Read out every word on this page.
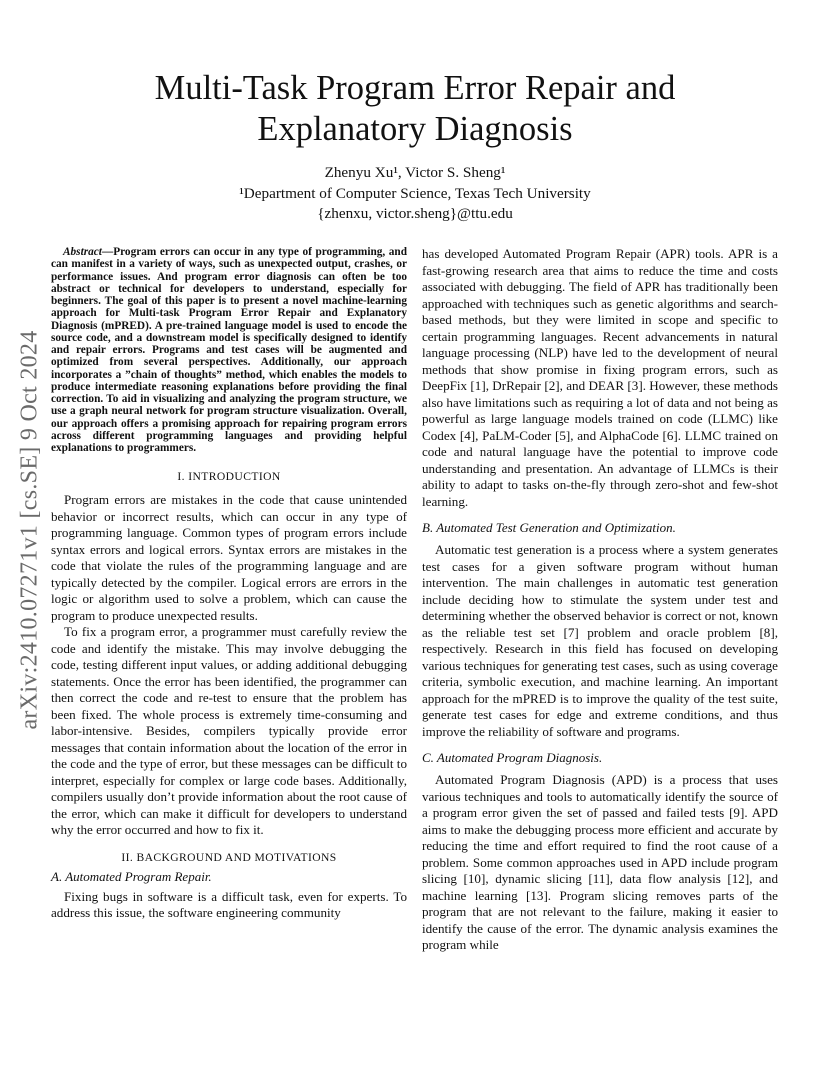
Multi-Task Program Error Repair and Explanatory Diagnosis
Zhenyu Xu¹, Victor S. Sheng¹
¹Department of Computer Science, Texas Tech University
{zhenxu, victor.sheng}@ttu.edu
arXiv:2410.07271v1 [cs.SE] 9 Oct 2024

Abstract—Program errors can occur in any type of programming, and can manifest in a variety of ways, such as unexpected output, crashes, or performance issues. And program error diagnosis can often be too abstract or technical for developers to understand, especially for beginners. The goal of this paper is to present a novel machine-learning approach for Multi-task Program Error Repair and Explanatory Diagnosis (mPRED). A pre-trained language model is used to encode the source code, and a downstream model is specifically designed to identify and repair errors. Programs and test cases will be augmented and optimized from several perspectives. Additionally, our approach incorporates a ”chain of thoughts” method, which enables the models to produce intermediate reasoning explanations before providing the final correction. To aid in visualizing and analyzing the program structure, we use a graph neural network for program structure visualization. Overall, our approach offers a promising approach for repairing program errors across different programming languages and providing helpful explanations to programmers.

I. INTRODUCTION

Program errors are mistakes in the code that cause unintended behavior or incorrect results, which can occur in any type of programming language. Common types of program errors include syntax errors and logical errors. Syntax errors are mistakes in the code that violate the rules of the programming language and are typically detected by the compiler. Logical errors are errors in the logic or algorithm used to solve a problem, which can cause the program to produce unexpected results.

To fix a program error, a programmer must carefully review the code and identify the mistake. This may involve debugging the code, testing different input values, or adding additional debugging statements. Once the error has been identified, the programmer can then correct the code and re-test to ensure that the problem has been fixed. The whole process is extremely time-consuming and labor-intensive. Besides, compilers typically provide error messages that contain information about the location of the error in the code and the type of error, but these messages can be difficult to interpret, especially for complex or large code bases. Additionally, compilers usually don’t provide information about the root cause of the error, which can make it difficult for developers to understand why the error occurred and how to fix it.

II. BACKGROUND AND MOTIVATIONS

A. Automated Program Repair.

Fixing bugs in software is a difficult task, even for experts. To address this issue, the software engineering community

has developed Automated Program Repair (APR) tools. APR is a fast-growing research area that aims to reduce the time and costs associated with debugging. The field of APR has traditionally been approached with techniques such as genetic algorithms and search-based methods, but they were limited in scope and specific to certain programming languages. Recent advancements in natural language processing (NLP) have led to the development of neural methods that show promise in fixing program errors, such as DeepFix [1], DrRepair [2], and DEAR [3]. However, these methods also have limitations such as requiring a lot of data and not being as powerful as large language models trained on code (LLMC) like Codex [4], PaLM-Coder [5], and AlphaCode [6]. LLMC trained on code and natural language have the potential to improve code understanding and presentation. An advantage of LLMCs is their ability to adapt to tasks on-the-fly through zero-shot and few-shot learning.

B. Automated Test Generation and Optimization.

Automatic test generation is a process where a system generates test cases for a given software program without human intervention. The main challenges in automatic test generation include deciding how to stimulate the system under test and determining whether the observed behavior is correct or not, known as the reliable test set [7] problem and oracle problem [8], respectively. Research in this field has focused on developing various techniques for generating test cases, such as using coverage criteria, symbolic execution, and machine learning. An important approach for the mPRED is to improve the quality of the test suite, generate test cases for edge and extreme conditions, and thus improve the reliability of software and programs.

C. Automated Program Diagnosis.

Automated Program Diagnosis (APD) is a process that uses various techniques and tools to automatically identify the source of a program error given the set of passed and failed tests [9]. APD aims to make the debugging process more efficient and accurate by reducing the time and effort required to find the root cause of a problem. Some common approaches used in APD include program slicing [10], dynamic slicing [11], data flow analysis [12], and machine learning [13]. Program slicing removes parts of the program that are not relevant to the failure, making it easier to identify the cause of the error. The dynamic analysis examines the program while
